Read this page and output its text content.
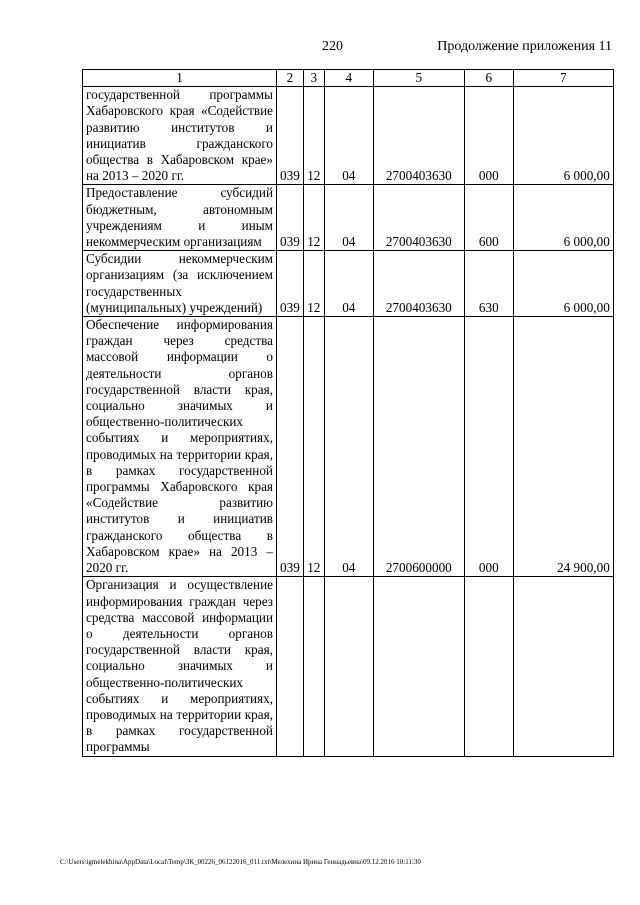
220	Продолжение приложения 11
1	2	3	4	5	6	7
государственной программы Хабаровского края «Содействие развитию институтов и инициатив гражданского общества в Хабаровском крае» на 2013 – 2020 гг.	039	12	04	2700403630	000	6 000,00
Предоставление субсидий бюджетным, автономным учреждениям и иным некоммерческим организациям	039	12	04	2700403630	600	6 000,00
Субсидии некоммерческим организациям (за исключением государственных (муниципальных) учреждений)	039	12	04	2700403630	630	6 000,00
Обеспечение информирования граждан через средства массовой информации о деятельности органов государственной власти края, социально значимых и общественно-политических событиях и мероприятиях, проводимых на территории края, в рамках государственной программы Хабаровского края «Содействие развитию институтов и инициатив гражданского общества в Хабаровском крае» на 2013 – 2020 гг.	039	12	04	2700600000	000	24 900,00
Организация и осуществление информирования граждан через средства массовой информации о деятельности органов государственной власти края, социально значимых и общественно-политических событиях и мероприятиях, проводимых на территории края, в рамках государственной программы						
C:\Users\igmelekhina\AppData\Local\Temp\ЗК_00226_06122016_011.txt\Мелехина Ирина Геннадьевна\09.12.2016 10:11:30
